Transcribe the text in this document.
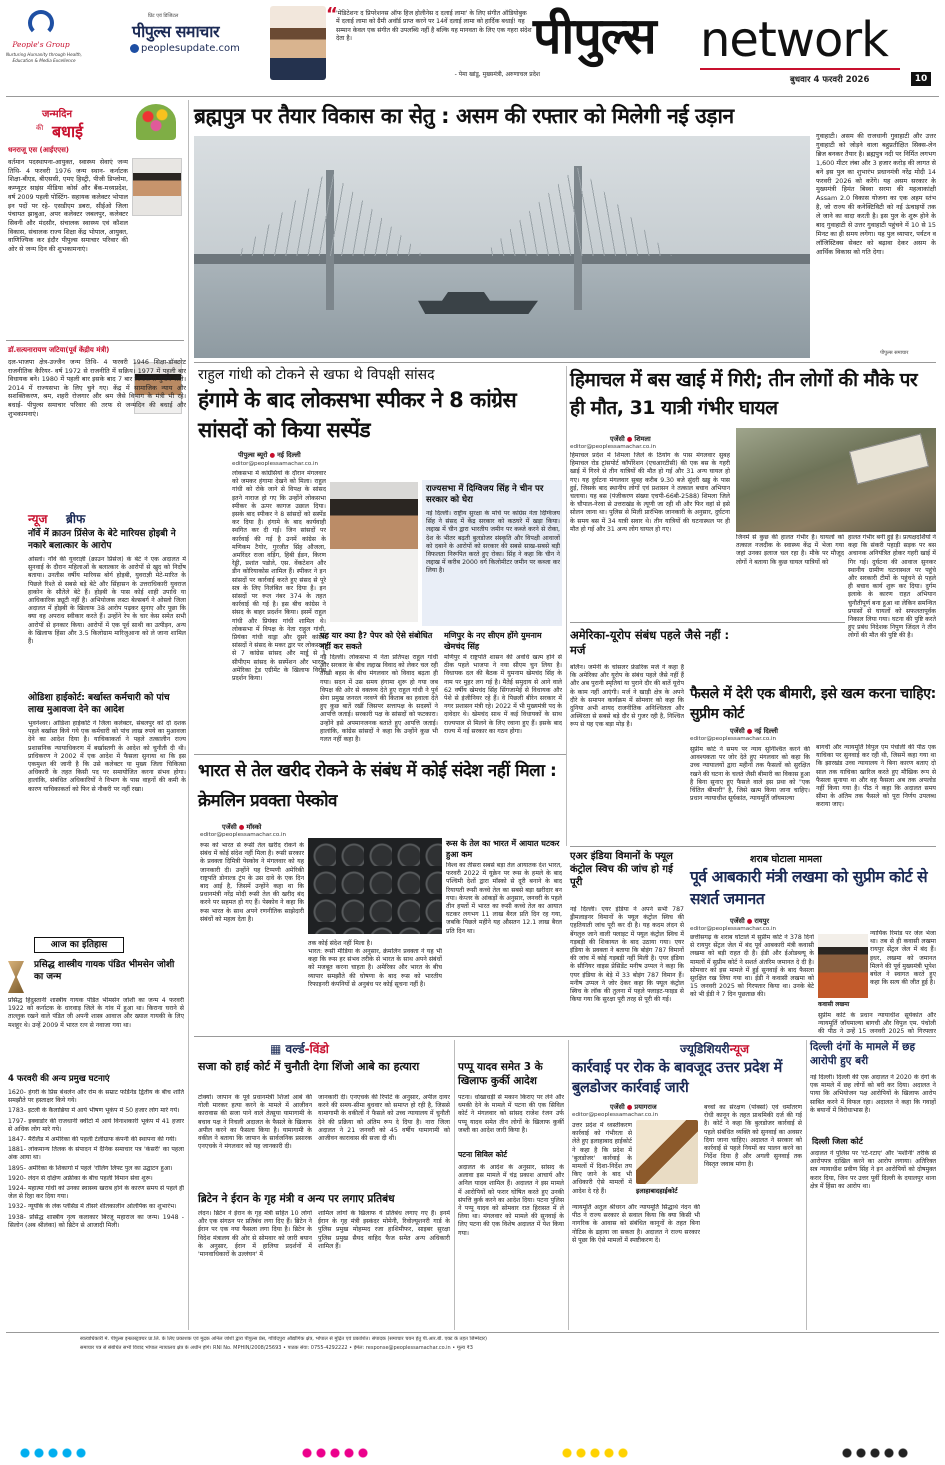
People's Group
Nurturing Humanity through Health, Education & Media Excellence
प्रिंट एवं डिजिटल
पीपुल्स समाचार
peoplesupdate.com
“
'मेडिटेशनः द प्रिपरेशनस ऑफ हिज होलीनेस द दलाई लामा' के लिए संगीत ऑडियोबुक में दलाई लामा को ग्रैमी अवॉर्ड प्राप्त करने पर 14वें दलाई लामा को हार्दिक बधाई! यह सम्मान केवल एक संगीत की उपलब्धि नहीं है बल्कि यह मानवता के लिए एक गहरा संदेश देता है।
- पेमा खांडू, मुख्यमंत्री, अरुणाचल प्रदेश
पीपुल्स network
बुधवार 4 फरवरी 2026	10
जन्मदिन
की बधाई
धनराजू एस (आईएएस)
वर्तमान पदस्थापना-आयुक्त, स्वास्थ्य सेवाएं जन्म तिथि- 4 फरवरी 1976 जन्म स्थान- कर्नाटक शिक्षा-बीएड, बीएससी, एमए हिस्ट्री, पीजी डिप्लोमा, कम्प्यूटर साइंस मीडिया कोर्स और बैंक-मध्यप्रदेश, वर्ष 2009 पहली पोस्टिंग- सहायक कलेक्टर भोपाल इन पदों पर रहे- एसडीएम डबरा, सीईओ जिला पंचायत झाबुआ, अपर कलेक्टर जबलपुर, कलेक्टर सिवनी और मंदसौर, संचालक स्वास्थ्य एवं कौशल विकास, संचालक राज्य शिक्षा केंद्र भोपाल, आयुक्त, वाणिज्यिक कर इंदौर पीपुल्स समाचार परिवार की ओर से जन्म दिन की शुभकामनाएं।
डॉ.सत्यनारायण जटिया(पूर्व केंद्रीय मंत्री)
दल-भाजपा क्षेत्र-उज्जैन जन्म तिथि- 4 फरवरी 1946 शिक्षा-डॉक्टरेट राजनीतिक कैरियर- वर्ष 1972 से राजनीति में सक्रिय। 1977 में पहली बार विधायक बने। 1980 में पहली बार इसके बाद 7 बार लोकसभा चुनाव जीते। 2014 में राज्यसभा के लिए चुने गए। केंद्र में सामाजिक न्याय और सशक्तिकरण, श्रम, शहरी रोजगार और श्रम जैसे विभाग के मंत्री भी रहे। बधाई- पीपुल्स समाचार परिवार की तरफ से जन्मदिन की बधाई और शुभकामनाएं।
न्यूज ब्रीफ
नॉर्वे में क्राउन प्रिंसेज के बेटे मारियस होइबी ने नकारे बलात्कार के आरोप
ओस्लो। नॉर्वे की युवराज्ञी (क्राउन प्रिंसेज) के बेटे ने एक अदालत में सुनवाई के दौरान महिलाओं के बलात्कार के आरोपों से खुद को निर्दोष बताया। उनतीस वर्षीय मारियस बोर्ग होइबी, युवराज्ञी मेटे-मारित के पिछले रिश्ते से सबसे बड़े बेटे और सिंहासन के उत्तराधिकारी युवराज हाकोन के सौतेले बेटे हैं। होइबी के पास कोई शाही उपाधि या आधिकारिक ड्यूटी नहीं है। अभियोजक लस्टा बेल्सबर्ग ने ओस्लो जिला अदालत में होइबी के खिलाफ 38 आरोप पढ़कर सुनाए और पूछा कि क्या वह अपराध स्वीकार करते हैं। उन्होंने रेप के चार केस समेत सभी आरोपों से इनकार किया। आरोपों में एक पूर्व साथी का उत्पीड़न, अन्य के खिलाफ हिंसा और 3.5 किलोग्राम मारिजुआना को ले जाना शामिल हैं।
ओडिशा हाईकोर्ट: बर्खास्त कर्मचारी को पांच लाख मुआवजा देने का आदेश
भुवनेश्वर। ओडिशा हाईकोर्ट ने जिला कलेक्टर, संबलपुर को दो दशक पहले बर्खास्त किये गये एक कर्मचारी को पांच लाख रुपये का मुआवजा देने का आदेश दिया है। याचिकाकर्ता ने पहले तत्कालीन राज्य प्रशासनिक न्यायाधिकरण में बर्खास्तगी के आदेश को चुनौती दी थी। प्राधिकरण ने 2002 में एक आदेश में फैसला सुनाया था कि इस एकमुश्त की जानी है कि उसे कलेक्टर या मुख्य जिला चिकित्सा अधिकारी के तहत किसी पद पर समायोजित करना संभव होगा। हालांकि, संबंधित अधिकारियों ने विभाग के पास वाहनों की कमी के कारण याचिकाकर्ता को फिर से नौकरी पर नहीं रखा।
आज का इतिहास
प्रसिद्ध शास्त्रीय गायक पंडित भीमसेन जोशी का जन्म
प्रसिद्ध हिंदुस्तानी शास्त्रीय गायक पंडित भीमसेन जोशी का जन्म 4 फरवरी 1922 को कर्नाटक के धारवाड़ जिले के गांव में हुआ था। किराना घराने से ताल्लुक रखने वाले पंडित जी अपनी शास्त्र आवाज और ख्याल गायकी के लिए मशहूर थे। उन्हें 2009 में भारत रत्न से नवाजा गया था।
4 फरवरी की अन्य प्रमुख घटनाएं
1620- हंगरी के प्रिंस बेथलेन और रोम के सम्राट फर्डिनेंड द्वितीय के बीच शांति समझौते पर हस्ताक्षर किये गये।
1783- इटली के कैलाब्रिया में आये भीषण भूकंप में 50 हजार लोग मारे गये।
1797- इक्वाडोर की राजधानी क्वीटो में आये विनाशकारी भूकंप में 41 हजार से अधिक लोग मारे गये।
1847- मैरीलैंड में अमेरिका की पहली टेलीग्राफ कंपनी की स्थापना की गयी।
1881- लोकमान्य तिलक के संपादन में दैनिक समाचार पत्र 'केसरी' का पहला अंक आया था।
1895- अमेरिका के शिकागो में पहले 'रोलिंग लिफ्ट पुल का उद्घाटन हुआ।
1920- लंदन से दक्षिण अफ्रीका के बीच पहली विमान सेवा शुरू।
1924- महात्मा गांधी को उनका स्वास्थ्य खराब होने के कारण समय से पहले ही जेल से रिहा कर दिया गया।
1932- न्यूयॉर्क के लेक प्लेसिड में तीसरे शीतकालीन ओलंपिक का शुभारंभ।
1938- प्रसिद्ध शास्त्रीय नृत्य कलाकार बिरजू महाराज का जन्म। 1948 - सिलोन (अब श्रीलंका) को ब्रिटेन से आजादी मिली।
ब्रह्मपुत्र पर तैयार विकास का सेतु : असम की रफ्तार को मिलेगी नई उड़ान
गुवाहाटी। असम की राजधानी गुवाहाटी और उत्तर गुवाहाटी को जोड़ने वाला बहुप्रतीक्षित सिक्स-लेन ब्रिज बनकर तैयार है। ब्रह्मपुत्र नदी पर निर्मित लगभग 1,600 मीटर लंबा और 3 हजार करोड़ की लागत से बने इस पुल का शुभारंभ प्रधानमंत्री नरेंद्र मोदी 14 फरवरी 2026 को करेंगे। यह असम सरकार के मुख्यमंत्री हिमंत बिस्वा सरमा की महत्वाकांक्षी Assam 2.0 विकास योजना का एक अहम स्तंभ है, जो राज्य की कनेक्टिविटी को नई ऊंचाइयों तक ले जाने का वादा करती है। इस पुल के शुरू होने के बाद गुवाहाटी से उत्तर गुवाहाटी पहुंचने में 10 से 15 मिनट का ही समय लगेगा। यह पुल व्यापार, पर्यटन व लॉजिस्टिक्स सेक्टर को बढ़ावा देकर असम के आर्थिक विकास को गति देगा।
पीपुल्स समाचार
राहुल गांधी को टोकने से खफा थे विपक्षी सांसद
हंगामे के बाद लोकसभा स्पीकर ने 8 कांग्रेस सांसदों को किया सस्पेंड
पीपुल्स ब्यूरो ● नई दिल्ली
editor@peoplessamachar.co.in
लोकसभा में कांग्रेसियों के दौरान मंगलवार को जमकर हंगामा देखने को मिला। राहुल गांधी को रोके जाने से विपक्ष के सांसद इतने नाराज हो गए कि उन्होंने लोकसभा स्पीकर के ऊपर कागज उछाल दिया। इसके बाद स्पीकर ने 8 सांसदों को सस्पेंड कर दिया है। हंगामे के बाद कार्यवाही स्थगित कर दी गई। जिन सांसदों पर कार्रवाई की गई है उनमें कांग्रेस के मणिकम टैगोर, गुरजीत सिंह औजला, अमरिंदर राजा वड़िंग, हिबी ईडन, किरण रेड्डी, प्रशांत पडोले, एस. वेंकटेशन और डीन कोरियाकोस शामिल हैं। स्पीकर ने इन सांसदों पर कार्रवाई करते हुए संसद से पूरे सत्र के लिए निलंबित कर दिया है। इन सांसदों पर रूल नंबर 374 के तहत कार्रवाई की गई है। इस बीच कांग्रेस ने संसद के बाहर प्रदर्शन किया। इसमें राहुल गांधी और प्रियंका गांधी शामिल थे। लोकसभा में विपक्ष के नेता राहुल गांधी, प्रियंका गांधी वाड्रा और दूसरे कांग्रेस सांसदों ने संसद के मकर द्वार पर लोकसभा से 7 कांग्रेस सांसद और माईुं से 1 सीपीएम सांसद के सस्पेंशन और भारत-अमेरिका ट्रेड एग्रीमेंट के खिलाफ विरोध प्रदर्शन किया।
राज्यसभा में दिग्विजय सिंह ने चीन पर सरकार को घेरा
नई दिल्ली। राष्ट्रीय सुरक्षा के मोर्चे पर कांग्रेस नेता दिग्विजय सिंह ने संसद में केंद्र सरकार को कठघरे में खड़ा किया। लद्दाख में चीन द्वारा भारतीय जमीन पर कब्जे करने से रोका, देश के भीतर बढ़ती बुलडोजर संस्कृति और विपक्षी आवाजों को दबाने के आरोपों को सरकार की सबसे साख-सबसे बड़ी विफलता निरूपित करते हुए रोका। सिंह ने कहा कि चीन ने लद्दाख में करीब 2000 वर्ग किलोमीटर जमीन पर कब्जा कर लिया है।
यह यार क्या है? पेपर को ऐसे संबोधित नहीं कर सकते
नई दिल्ली। लोकसभा में नेता प्रतिपक्ष राहुल गांधी और सरकार के बीच लद्दाख विवाद को लेकर चल रही तीखी बहस के बीच मंगलवार को विवाद बढ़ता ही गया। सदन में उस समय हंगामा शुरू हो गया जब विपक्ष की ओर से वक्तव्य देते हुए राहुल गांधी ने पूर्व सेना प्रमुख जनरल नरवणे की किताब का हवाला देते हुए कुछ बातें रखीं जिसपर सत्तापक्ष के सदस्यों ने आपत्ति जताई। सरकारी पक्ष के सांसदों को फटकारा। उन्होंने इसे अपमानजनक बताते हुए आपत्ति जताई। हालांकि, कांग्रेस सांसदों ने कहा कि उन्होंने कुछ भी गलत नहीं कहा है।
मणिपुर के नए सीएम होंगे युमनाम खेमचंद सिंह
मणिपुर में राष्ट्रपति शासन की अवधि खत्म होने से ठीक पहले भाजपा ने नया सीएम चुन लिया है। विधायक दल की बैठक में युमनाम खेमचंद सिंह के नाम पर मुहर लग गई है। मैतेई समुदाय से आने वाले 62 वर्षीय खेमचंद सिंह सिंगजामेई से विधायक और पेशे से इंजीनियर रहे हैं। वे पिछली बीरेन सरकार में नगर प्रशासन मंत्री रहे। 2022 में भी मुख्यमंत्री पद के दावेदार थे। खेमचंद साथ में कई विधायकों के साथ राज्यपाल से मिलने के लिए रवाना हुए हैं। इसके बाद राज्य में नई सरकार का गठन होगा।
हिमाचल में बस खाई में गिरी; तीन लोगों की मौके पर ही मौत, 31 यात्री गंभीर घायल
एजेंसी ● शिमला
editor@peoplessamachar.co.in
हिमाचल प्रदेश में शिमला जिले के ठियोग के पास मंगलवार सुबह हिमाचल रोड ट्रांसपोर्ट कॉर्पोरेशन (एचआरटीसी) की एक बस के गहरी खाई में गिरने से तीन यात्रियों की मौत हो गई और 31 अन्य घायल हो गए। यह दुर्घटना मंगलवार सुबह करीब 9.30 बजे सुंदरी खड्ड के पास हुई, जिसके बाद स्थानीय लोगों एवं प्रशासन ने तत्काल बचाव अभियान चलाया। यह बस (पंजीकरण संख्या एचपी-66बी-2588) शिमला जिले के चौपाल-नेरवा से उत्तराखंड के त्यूणी जा रही थी और फिर वहां से इसे सोलन जाना था। पुलिस से मिली प्रारंभिक जानकारी के अनुसार, दुर्घटना के समय बस में 34 यात्री सवार थे। तीन यात्रियों की घटनास्थल पर ही मौत हो गई और 31 अन्य लोग घायल हो गए।
जिनमें से कुछ की हालत गंभीर है। घायलों को तत्काल नजदीक के स्वास्थ्य केंद्र में भेजा गया जहां उनका इलाज चल रहा है। मौके पर मौजूद लोगों ने बताया कि कुछ घायल यात्रियों को
हालत गंभीर बनी हुई है। प्रत्यक्षदर्शियों ने कहा कि संकरी पहाड़ी सड़क पर बस अचानक अनियंत्रित होकर गहरी खाई में गिर गई। दुर्घटना की आवाज सुनकर स्थानीय ग्रामीण घटनास्थल पर पहुंचे और सरकारी टीमों के पहुंचने से पहले ही बचाव कार्य शुरू कर दिया। दुर्गम इलाके के कारण राहत अभियान चुनौतीपूर्ण बना हुआ था लेकिन समन्वित प्रयासों से घायलों को सफलतापूर्वक निकाल लिया गया। घटना की पुष्टि करते हुए प्रबंध निदेशक निपुण जिंदल ने तीन लोगों की मौत की पुष्टि की है।
अमेरिका-यूरोप संबंध पहले जैसे नहीं : मर्ज
बर्लिन। जर्मनी के चांसलर फ्रेडरिक मर्ज ने कहा है कि अमेरिका और यूरोप के संबंध पहले जैसे नहीं हैं और अब पुरानी स्मृतियां या पुराने दौर की बातें यूरोप के काम नहीं आएंगी। मर्ज ने खाड़ी क्षेत्र के अपने दौरे के समापन कार्यक्रम में सोमवार को कहा कि दुनिया अभी शायद राजनीतिक अनिश्चितता और अस्थिरता से सबसे बड़े दौर से गुजर रही है, निश्चित रूप से यह एक बड़ा मोड़ है।
फैसले में देरी एक बीमारी, इसे खत्म करना चाहिए: सुप्रीम कोर्ट
एजेंसी ● नई दिल्ली
editor@peoplessamachar.co.in
सुप्रीम कोर्ट ने समय पर न्याय सुनिश्चित करने की आवश्यकता पर जोर देते हुए मंगलवार को कहा कि उच्च न्यायालयों द्वारा महीनों तक फैसलों को सुरक्षित रखने की घटना के चलते जैसी बीमारी का विकास हुआ है बिना सुनाए हुए फैसले वाले इस प्रथा को "एक चिंतित बीमारी" है, जिसे खत्म किया जाना चाहिए। प्रधान न्यायाधीश सूर्यकांत, न्यायमूर्ति जॉयमाल्या
बागची और न्यायमूर्ति विपुल एम पंचोली की पीठ एक याचिका पर सुनवाई कर रही थी, जिसमें कहा गया था कि झारखंड उच्च न्यायालय ने बिना कारण बताए दो साल तक याचिका खारिज करते हुए मौखिक रूप से फैसला सुनाया था और वह फैसला अब तक अपलोड नहीं किया गया है। पीठ ने कहा कि अदालत समय सीमा के अंतिम तक फैसले को पूरा निर्णय उपलब्ध कराया जाए।
भारत से तेल खरीद रोकने के संबंध में कोई संदेश नहीं मिला : क्रेमलिन प्रवक्ता पेस्कोव
एजेंसी ● मॉस्को
editor@peoplessamachar.co.in
रूस को भारत से रूसी तेल खरीद रोकने के संबंध में कोई संदेश नहीं मिला है। रूसी सरकार के प्रवक्ता दिमित्री पेस्कोव ने मंगलवार को यह जानकारी दी। उन्होंने यह टिप्पणी अमेरिकी राष्ट्रपति डोनाल्ड ट्रंप के उस दावे के एक दिन बाद आई है, जिसमें उन्होंने कहा था कि प्रधानमंत्री नरेंद्र मोदी रूसी तेल की खरीद बंद करने पर सहमत हो गए हैं। पेस्कोव ने कहा कि रूस भारत के साथ अपने रणनीतिक साझेदारी संबंधों को महत्व देता है।
तक कोई संदेश नहीं मिला है।
भारत: रूसी मीडिया के अनुसार, क्रेमलिन प्रवक्ता ने यह भी कहा कि रूस हर संभव तरीके से भारत के साथ अपने संबंधों को मजबूत करना चाहता है। अमेरिका और भारत के बीच व्यापार समझौते की घोषणा के बाद रूस को भारतीय रिफाइनरी कंपनियों से अनुबंध पर कोई सूचना नहीं है।
रूस के तेल का भारत में आयात घटकर हुआ कम
विश्व का तीसरा सबसे बड़ा तेल आयातक देश भारत, फरवरी 2022 में यूक्रेन पर रूस के हमले के बाद पश्चिमी देशों द्वारा मॉस्को से दूरी बनाने के बाद रियायती रूसी कच्चे तेल का सबसे बड़ा खरीदार बन गया। केप्लर के आंकड़ों के अनुसार, जनवरी के पहले तीन हफ्तों में भारत का रूसी कच्चे तेल का आयात घटकर लगभग 11 लाख बैरल प्रति दिन रह गया, जबकि पिछले महीने यह औसतन 12.1 लाख बैरल प्रति दिन था।
एअर इंडिया विमानों के फ्यूल कंट्रोल स्विच की जांच हो गई पूरी
नई दिल्ली। एयर इंडिया ने अपने सभी 787 ड्रीमलाइनर विमानों के फ्यूल कंट्रोल स्विच की एहतियाती जांच पूरी कर दी है। यह कदम लंदन से बेंगलुरु जाने वाली फ्लाइट में फ्यूल कंट्रोल स्विच में गड़बड़ी की शिकायत के बाद उठाया गया। एयर इंडिया के प्रवक्ता ने बताया कि बोइंग 787 विमानों की जांच में कोई गड़बड़ी नहीं मिली है। एयर इंडिया के सीनियर वाइस प्रेसिडेंट मनीष उप्पल ने कहा कि एयर इंडिया के बेड़े में 33 बोइंग 787 विमान हैं। मनीष उप्पल ने जोर देकर कहा कि फ्यूल कंट्रोल स्विच के लॉक की तुलना में पहले फ्लाइट-फाइड से किया गया कि सुरक्षा पूरी तरह से पूरी की गई।
शराब घोटाला मामला
पूर्व आबकारी मंत्री लखमा को सुप्रीम कोर्ट से सशर्त जमानत
एजेंसी ● रायपुर
editor@peoplessamachar.co.in
छत्तीसगढ़ के शराब घोटाले में सुप्रीम कोर्ट ने 378 दिनों से रायपुर सेंट्रल जेल में बंद पूर्व आबकारी मंत्री कवासी लखमा को बड़ी राहत दी है। ईडी और ईओडब्ल्यू के मामलों में सुप्रीम कोर्ट ने सशर्त अंतरिम जमानत दे दी है। सोमवार को इस मामले में हुई सुनवाई के बाद फैसला सुरक्षित रख लिया गया था। ईडी ने कवासी लखमा को 15 जनवरी 2025 को गिरफ्तार किया था। उनके बेटे को भी ईडी ने 7 दिन पूछताछ की।
न्यायिक रिमांड पर जेल भेजा था। तब से ही कवासी लखमा रायपुर सेंट्रल जेल में बंद हैं। इधर, लखमा को जमानत मिलने की पूर्व मुख्यमंत्री भूपेश बघेल ने स्वागत करते हुए कहा कि सत्य की जीत हुई है।
कवासी लखमा
सुप्रीम कोर्ट के प्रधान न्यायाधीश सूर्यकांत और न्यायमूर्ति जॉयमाल्या बागची और विपुल एम. पंचोली की पीठ ने उन्हें 15 जनवरी 2025 को गिरफ्तार
▦ वर्ल्ड-विंडो
सजा को हाई कोर्ट में चुनौती देगा शिंजो आबे का हत्यारा
टोक्यो। जापान के पूर्व प्रधानमंत्री शिंजो आबे की गोली मारकर हत्या करने के मामले में आजीवन कारावास की सजा पाने वाले तेत्सुया यामागामी के बचाव पक्ष ने निचली अदालत के फैसले के खिलाफ अपील करने का फैसला किया है। यामागामी के वकील ने बताया कि जापान के सार्वजनिक प्रसारक एनएचके ने मंगलवार को यह जानकारी दी।
जानकारी दी। एनएचके की रिपोर्ट के अनुसार, अपील दायर करने की समय-सीमा बुधवार को समाप्त हो रही है, जिससे यामागामी के वकीलों ने फैसले को उच्च न्यायालय में चुनौती देने की प्रक्रिया को अंतिम रूप दे दिया है। नारा जिला अदालत ने 21 जनवरी को 45 वर्षीय यामागामी को आजीवन कारावास की सजा दी थी।
ब्रिटेन ने ईरान के गृह मंत्री व अन्य पर लगाए प्रतिबंध
लंदन। ब्रिटेन ने ईरान के गृह मंत्री सहित 10 लोगों और एक संगठन पर प्रतिबंध लगा दिए हैं। ब्रिटेन ने ईरान पर एक नया फैसला लगा दिया है। ब्रिटेन के विदेश मंत्रालय की ओर से सोमवार को जारी बयान के अनुसार, ईरान में हालिया प्रदर्शनों में 'मानवाधिकारों के उल्लंघन' में
शामिल लोगों के खिलाफ ये प्रतिबंध लगाए गए हैं। इनमें ईरान के गृह मंत्री इस्कंदर मोमेनी, रिवोल्यूशनरी गार्ड के पुलिस प्रमुख मोहम्मद रजा हाशिमीफर, साइबर सुरक्षा पुलिस प्रमुख सैयद वाहिद फैज समेत अन्य अधिकारी शामिल हैं।
पप्पू यादव समेत 3 के खिलाफ कुर्की आदेश
पटना। धोखाधड़ी से मकान किराए पर लेने और धमकी देने के मामले में पटना की एक सिविल कोर्ट ने मंगलवार को सांसद राजेश रंजन उर्फ पप्पू यादव समेत तीन लोगों के खिलाफ कुर्की जब्ती का आदेश जारी किया है।
पटना सिविल कोर्ट
अदालत के आदेश के अनुसार, सांसद के अलावा इस मामले में चंद्र प्रकाश आचार्य और अनिल यादव शामिल हैं। अदालत ने इस मामले में आरोपियों को फरार घोषित करते हुए उनकी संपत्ति कुर्क करने का आदेश दिया। पटना पुलिस ने पप्पू यादव को सोमवार रात हिरासत में ले लिया था। मंगलवार को मामले की सुनवाई के लिए पटना की एक विशेष अदालत में पेश किया गया।
ज्यूडिशियरीन्यूज
कार्रवाई पर रोक के बावजूद उत्तर प्रदेश में बुलडोजर कार्रवाई जारी
एजेंसी ● प्रयागराज
editor@peoplessamachar.co.in
उत्तर प्रदेश में ध्वस्तीकरण कार्रवाई को गंभीरता से लेते हुए इलाहाबाद हाईकोर्ट ने कहा है कि प्रदेश में 'बुलडोजर' कार्रवाई के मामलों में दिशा-निर्देश तय किए जाने के बाद भी अधिकारी ऐसे मामलों में आदेश दे रहे हैं।	इलाहाबादहाईकोर्ट
न्यायमूर्ति अतुल श्रीधरन और न्यायमूर्ति सिद्धार्थ नंदन की पीठ ने राज्य सरकार से सवाल किया कि क्या किसी भी नागरिक के आवास को संबंधित कानूनों के तहत बिना नोटिस के ढहाया जा सकता है। अदालत ने राज्य सरकार से पूछा कि ऐसे मामलों में स्पष्टीकरण दें।
बच्चों का संरक्षण (पोक्सो) एवं धर्मांतरण रोधी कानून के तहत प्राथमिकी दर्ज की गई है। कोर्ट ने कहा कि बुलडोजर कार्रवाई से पहले संबंधित व्यक्ति को सुनवाई का अवसर दिया जाना चाहिए। अदालत ने सरकार को कार्रवाई से पहले नियमों का पालन करने का निर्देश दिया है और अगली सुनवाई तक विस्तृत जवाब मांगा है।
दिल्ली दंगों के मामले में छह आरोपी हुए बरी
नई दिल्ली। दिल्ली की एक अदालत ने 2020 के दंगों के एक मामले में छह लोगों को बरी कर दिया। अदालत ने पाया कि अभियोजन पक्ष आरोपियों के खिलाफ आरोप साबित करने में विफल रहा। अदालत ने कहा कि गवाहों के बयानों में विरोधाभास है।
दिल्ली जिला कोर्ट
अदालत ने पुलिस पर 'रटे-रटाए' और 'मशीनी' तरीके से आरोपपत्र दाखिल करने का आरोप लगाया। अतिरिक्त सत्र न्यायाधीश प्रवीण सिंह ने इन आरोपियों को दोषमुक्त करार दिया, जिन पर उत्तर पूर्वी दिल्ली के दयालपुर थाना क्षेत्र में हिंसा का आरोप था।
स्वत्वाधिकारी मे. पीपुल्स इन्फ्रास्ट्रक्चर प्रा.लि. के लिए प्रकाशक एवं मुद्रक अनिल जोशी द्वारा पीपुल्स प्रेस, गोविंदपुरा औद्योगिक क्षेत्र, भोपाल से मुद्रित एवं प्रकाशित। संपादक (समाचार चयन हेतु पी.आर.बी. एक्ट के तहत जिम्मेदार)
समाचार पत्र से संबंधित सभी विवाद भोपाल न्यायालय क्षेत्र के अधीन होंगे। RNI No. MPHIN/2008/25693 • पाठक सेवा: 0755-4292222 • ईमेल: response@peoplessamachar.co.in • मूल्य ₹3
